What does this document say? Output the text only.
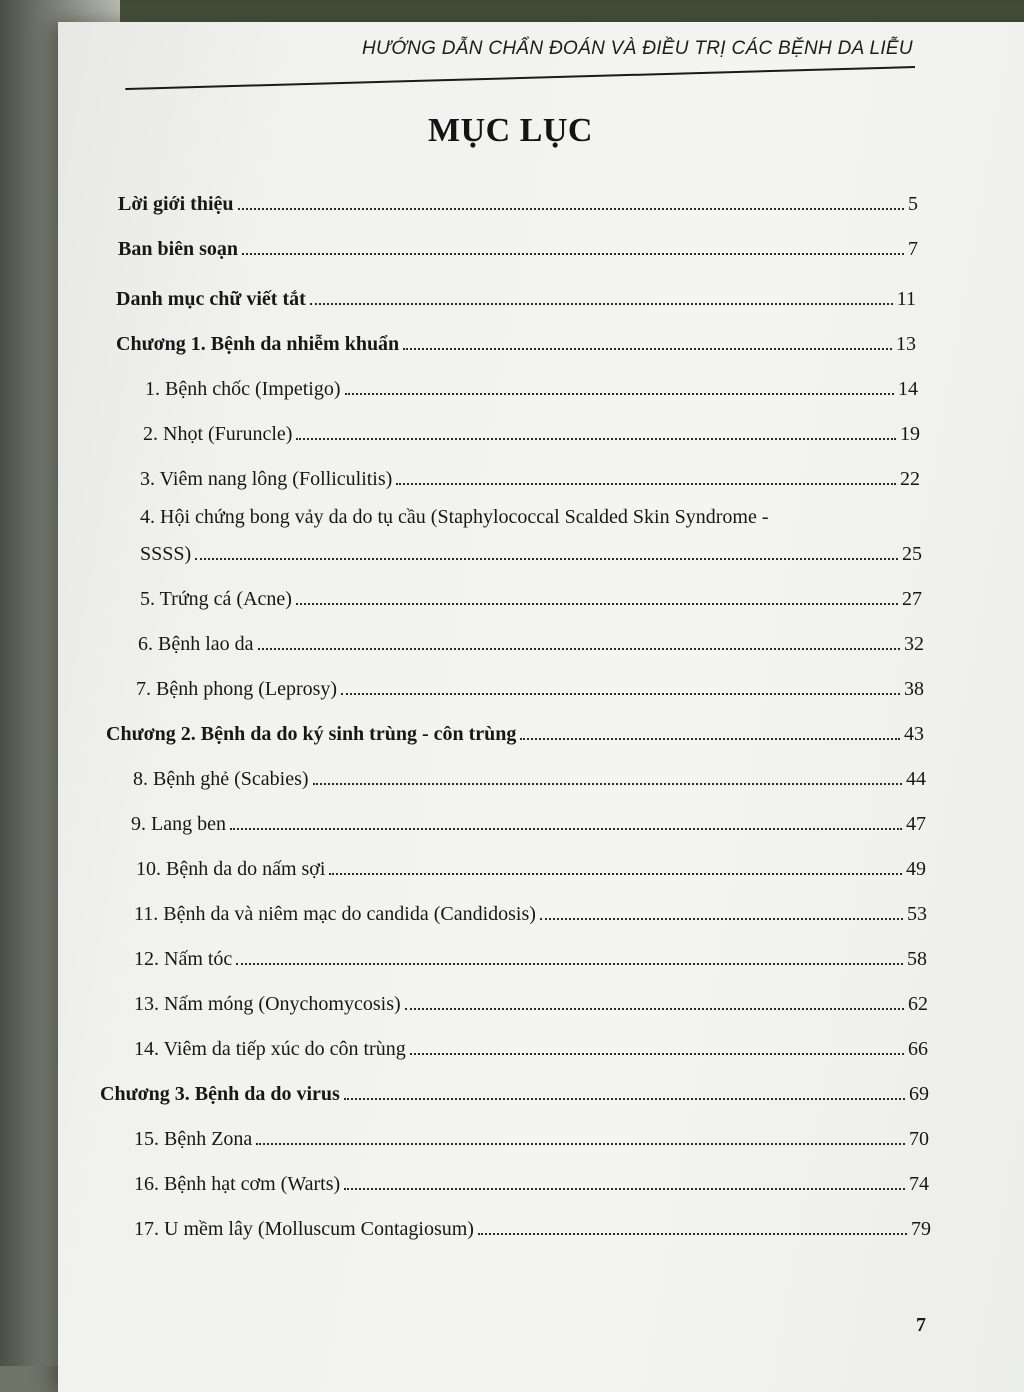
HƯỚNG DẪN CHẨN ĐOÁN VÀ ĐIỀU TRỊ CÁC BỆNH DA LIỄU
MỤC LỤC
Lời giới thiệu	5
Ban biên soạn	7
Danh mục chữ viết tắt	11
Chương 1. Bệnh da nhiễm khuẩn	13
1. Bệnh chốc (Impetigo)	14
2. Nhọt (Furuncle)	19
3. Viêm nang lông (Folliculitis)	22
4. Hội chứng bong vảy da do tụ cầu (Staphylococcal Scalded Skin Syndrome -
SSSS)	25
5. Trứng cá (Acne)	27
6. Bệnh lao da	32
7. Bệnh phong (Leprosy)	38
Chương 2. Bệnh da do ký sinh trùng - côn trùng	43
8. Bệnh ghẻ (Scabies)	44
9. Lang ben	47
10. Bệnh da do nấm sợi	49
11. Bệnh da và niêm mạc do candida (Candidosis)	53
12. Nấm tóc	58
13. Nấm móng (Onychomycosis)	62
14. Viêm da tiếp xúc do côn trùng	66
Chương 3. Bệnh da do virus	69
15. Bệnh Zona	70
16. Bệnh hạt cơm (Warts)	74
17. U mềm lây (Molluscum Contagiosum)	79
7
